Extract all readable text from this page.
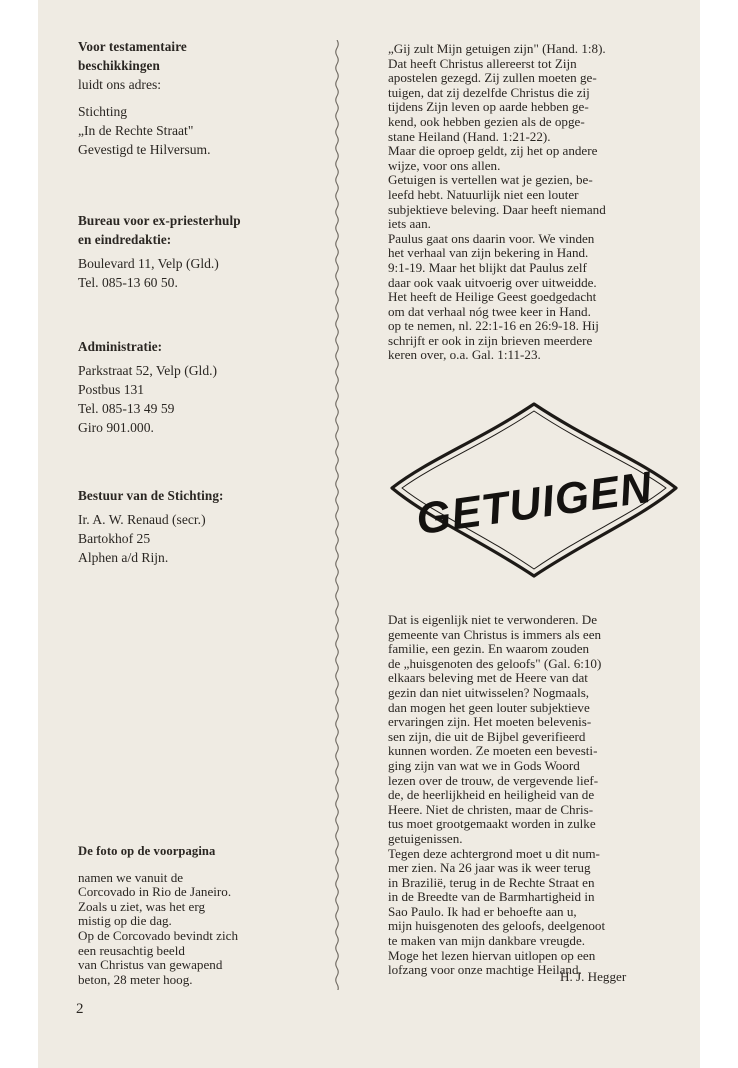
Voor testamentaire

beschikkingen

luidt ons adres:

Stichting

„In de Rechte Straat"

Gevestigd te Hilversum.

Bureau voor ex-priesterhulp

en eindredaktie:

Boulevard 11, Velp (Gld.)

Tel. 085-13 60 50.

Administratie:

Parkstraat 52, Velp (Gld.)

Postbus 131

Tel. 085-13 49 59

Giro 901.000.

Bestuur van de Stichting:

Ir. A. W. Renaud (secr.)

Bartokhof 25

Alphen a/d Rijn.

De foto op de voorpagina

namen we vanuit de

Corcovado in Rio de Janeiro.

Zoals u ziet, was het erg

mistig op die dag.

Op de Corcovado bevindt zich

een reusachtig beeld

van Christus van gewapend

beton, 28 meter hoog.

2

„Gij zult Mijn getuigen zijn" (Hand. 1:8).

Dat heeft Christus allereerst tot Zijn

apostelen gezegd. Zij zullen moeten ge-

tuigen, dat zij dezelfde Christus die zij

tijdens Zijn leven op aarde hebben ge-

kend, ook hebben gezien als de opge-

stane Heiland (Hand. 1:21-22).

Maar die oproep geldt, zij het op andere

wijze, voor ons allen.

Getuigen is vertellen wat je gezien, be-

leefd hebt. Natuurlijk niet een louter

subjektieve beleving. Daar heeft niemand

iets aan.

Paulus gaat ons daarin voor. We vinden

het verhaal van zijn bekering in Hand.

9:1-19. Maar het blijkt dat Paulus zelf

daar ook vaak uitvoerig over uitweidde.

Het heeft de Heilige Geest goedgedacht

om dat verhaal nóg twee keer in Hand.

op te nemen, nl. 22:1-16 en 26:9-18. Hij

schrijft er ook in zijn brieven meerdere

keren over, o.a. Gal. 1:11-23.

GETUIGEN

Dat is eigenlijk niet te verwonderen. De

gemeente van Christus is immers als een

familie, een gezin. En waarom zouden

de „huisgenoten des geloofs" (Gal. 6:10)

elkaars beleving met de Heere van dat

gezin dan niet uitwisselen? Nogmaals,

dan mogen het geen louter subjektieve

ervaringen zijn. Het moeten belevenis-

sen zijn, die uit de Bijbel geverifieerd

kunnen worden. Ze moeten een bevesti-

ging zijn van wat we in Gods Woord

lezen over de trouw, de vergevende lief-

de, de heerlijkheid en heiligheid van de

Heere. Niet de christen, maar de Chris-

tus moet grootgemaakt worden in zulke

getuigenissen.

Tegen deze achtergrond moet u dit num-

mer zien. Na 26 jaar was ik weer terug

in Brazilië, terug in de Rechte Straat en

in de Breedte van de Barmhartigheid in

Sao Paulo. Ik had er behoefte aan u,

mijn huisgenoten des geloofs, deelgenoot

te maken van mijn dankbare vreugde.

Moge het lezen hiervan uitlopen op een

lofzang voor onze machtige Heiland.

H. J. Hegger
